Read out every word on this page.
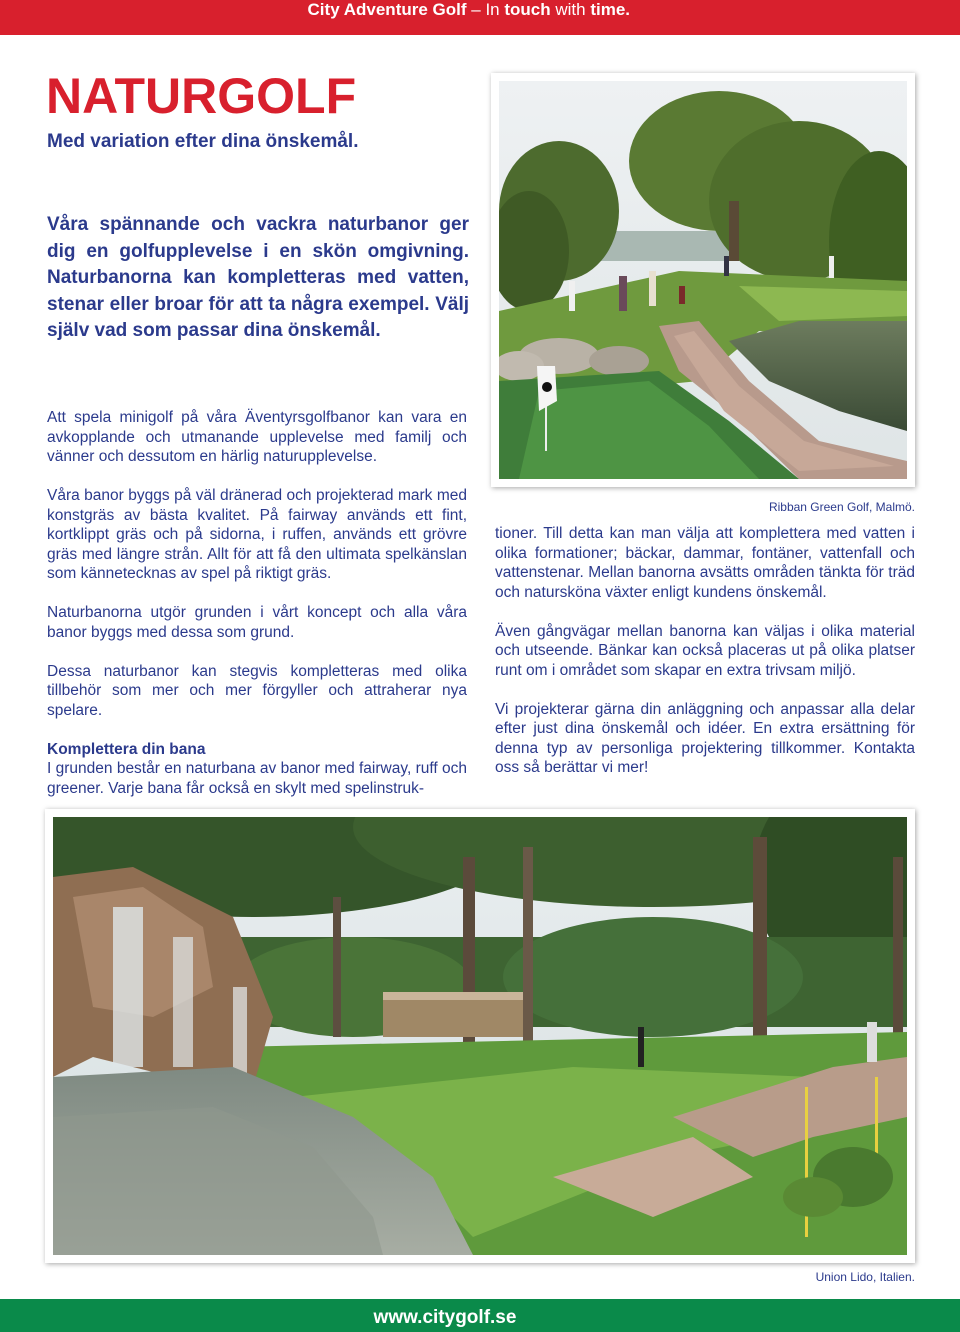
City Adventure Golf – In touch with time.
NATURGOLF
Med variation efter dina önskemål.
Våra spännande och vackra naturbanor ger dig en golfupplevelse i en skön omgivning. Naturbanorna kan kompletteras med vatten, stenar eller broar för att ta några exempel. Välj själv vad som passar dina önskemål.
Ribban Green Golf, Malmö.

Att spela minigolf på våra Äventyrsgolfbanor kan vara en avkopplande och utmanande upplevelse med familj och vänner och dessutom en härlig naturupplevelse.

Våra banor byggs på väl dränerad och projekterad mark med konstgräs av bästa kvalitet. På fairway används ett fint, kortklippt gräs och på sidorna, i ruffen, används ett grövre gräs med längre strån. Allt för att få den ultimata spelkänslan som kännetecknas av spel på riktigt gräs.

Naturbanorna utgör grunden i vårt koncept och alla våra banor byggs med dessa som grund.

Dessa naturbanor kan stegvis kompletteras med olika tillbehör som mer och mer förgyller och attraherar nya spelare.

Komplettera din bana

I grunden består en naturbana av banor med fairway, ruff och greener. Varje bana får också en skylt med spelinstruk-

tioner. Till detta kan man välja att komplettera med vatten i olika formationer; bäckar, dammar, fontäner, vattenfall och vattenstenar. Mellan banorna avsätts områden tänkta för träd och natursköna växter enligt kundens önskemål.

Även gångvägar mellan banorna kan väljas i olika material och utseende. Bänkar kan också placeras ut på olika platser runt om i området som skapar en extra trivsam miljö.

Vi projekterar gärna din anläggning och anpassar alla delar efter just dina önskemål och idéer. En extra ersättning för denna typ av personliga projektering tillkommer. Kontakta oss så berättar vi mer!

Union Lido, Italien.
www.citygolf.se
